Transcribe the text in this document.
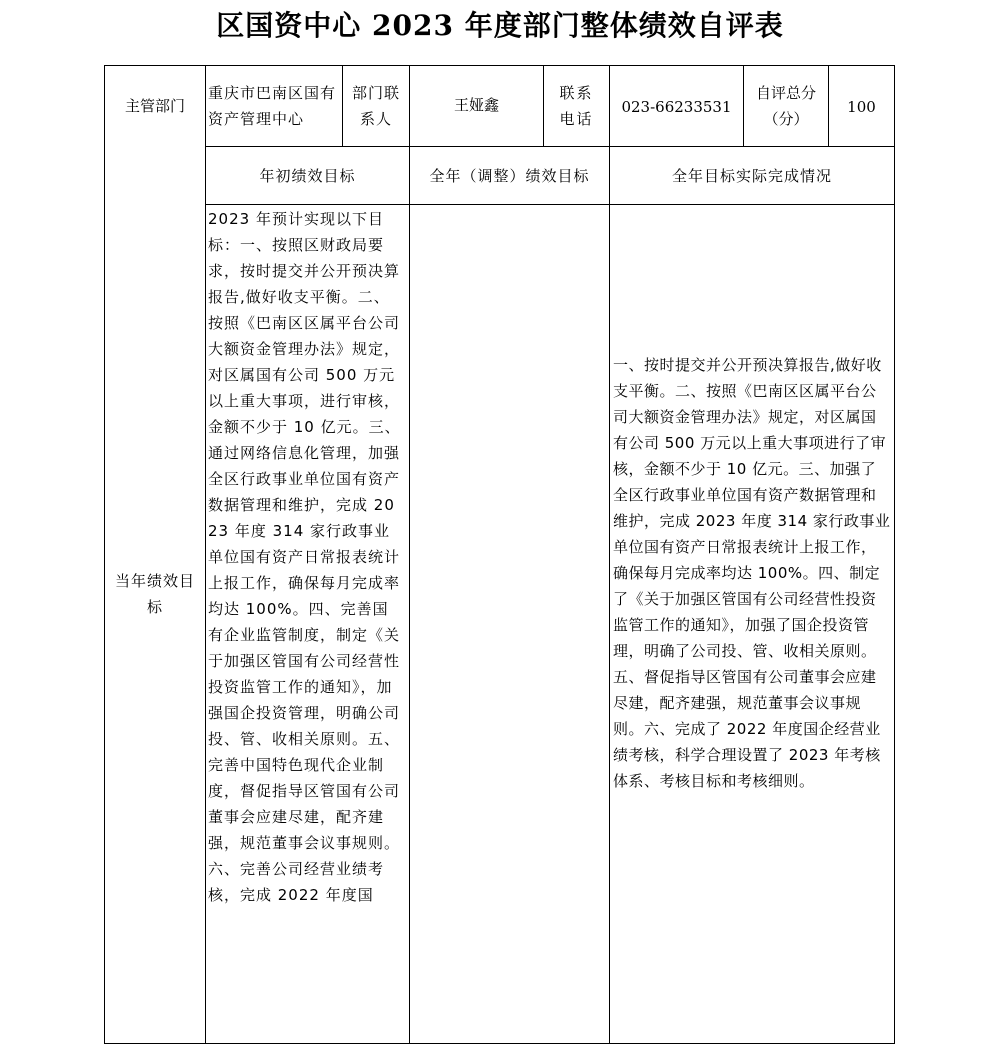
区国资中心 2023 年度部门整体绩效自评表
主管部门
重庆市巴南区国有资产管理中心
部门联系人
王娅鑫
联系电话
023-66233531
自评总分（分）
100
年初绩效目标	全年（调整）绩效目标	全年目标实际完成情况
当年绩效目标
2023 年预计实现以下目标：一、按照区财政局要求，按时提交并公开预决算报告,做好收支平衡。二、按照《巴南区区属平台公司大额资金管理办法》规定，对区属国有公司 500 万元以上重大事项，进行审核，金额不少于 10 亿元。三、通过网络信息化管理，加强全区行政事业单位国有资产数据管理和维护，完成 2023 年度 314 家行政事业单位国有资产日常报表统计上报工作，确保每月完成率均达 100%。四、完善国有企业监管制度，制定《关于加强区管国有公司经营性投资监管工作的通知》，加强国企投资管理，明确公司投、管、收相关原则。五、完善中国特色现代企业制度，督促指导区管国有公司董事会应建尽建，配齐建强，规范董事会议事规则。六、完善公司经营业绩考核，完成 2022 年度国
一、按时提交并公开预决算报告,做好收支平衡。二、按照《巴南区区属平台公司大额资金管理办法》规定，对区属国有公司 500 万元以上重大事项进行了审核，金额不少于 10 亿元。三、加强了全区行政事业单位国有资产数据管理和维护，完成 2023 年度 314 家行政事业单位国有资产日常报表统计上报工作，确保每月完成率均达 100%。四、制定了《关于加强区管国有公司经营性投资监管工作的通知》，加强了国企投资管理，明确了公司投、管、收相关原则。五、督促指导区管国有公司董事会应建尽建，配齐建强，规范董事会议事规则。六、完成了 2022 年度国企经营业绩考核，科学合理设置了 2023 年考核体系、考核目标和考核细则。
